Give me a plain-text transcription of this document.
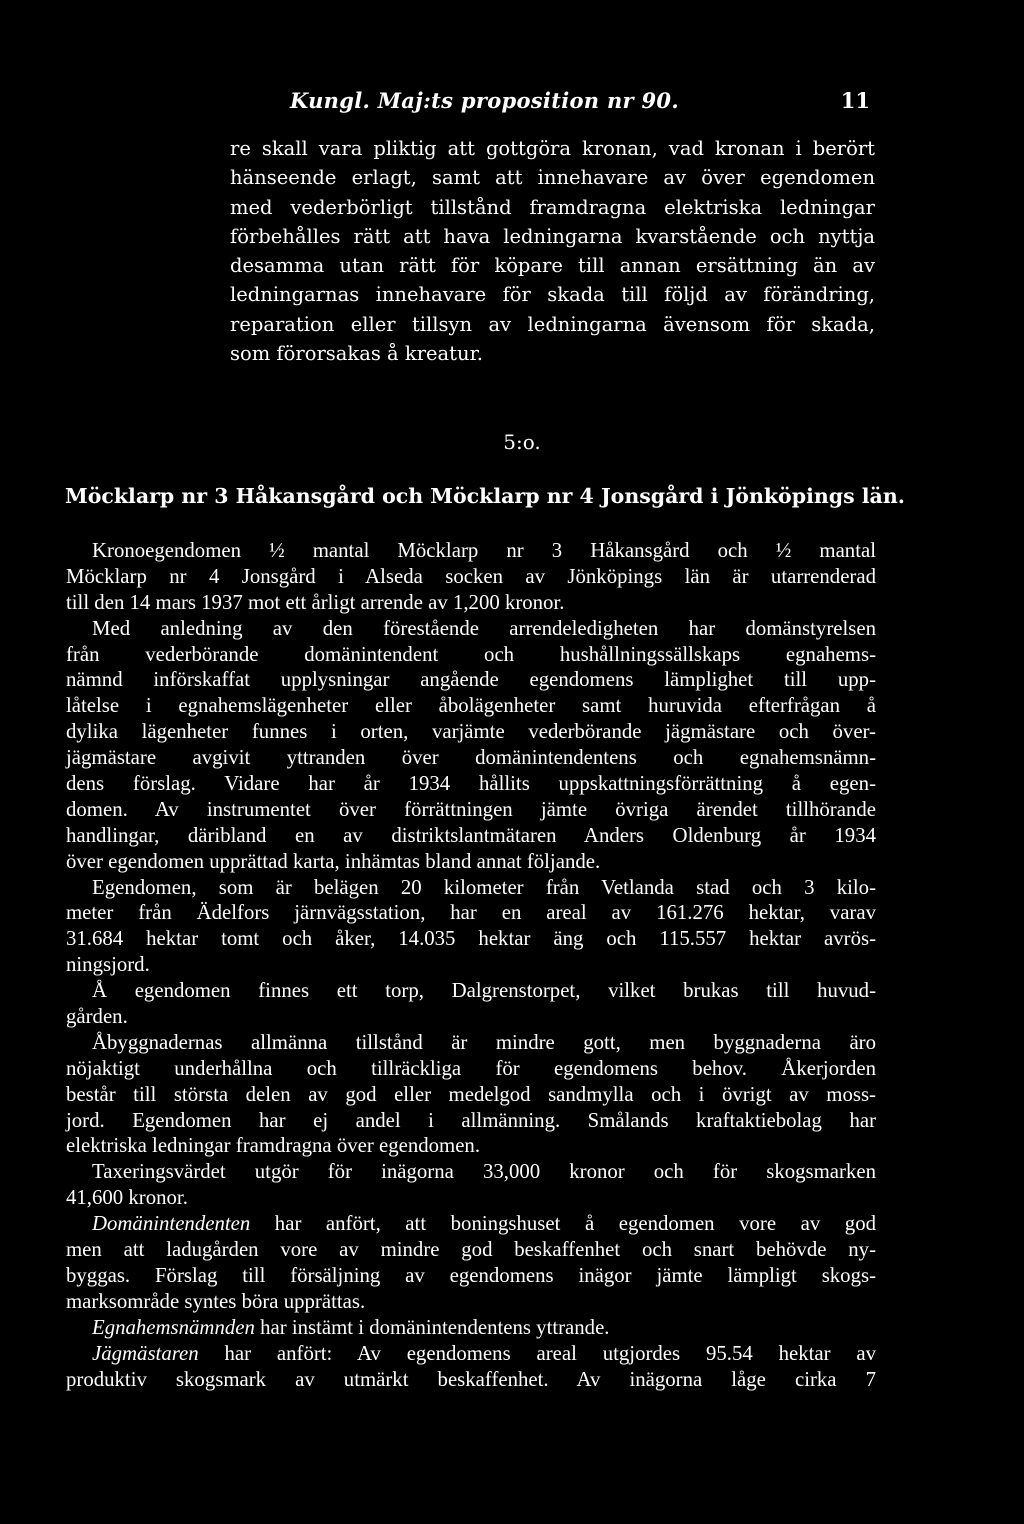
Kungl. Maj:ts proposition nr 90.	11
re skall vara pliktig att gottgöra kronan, vad kronan i berört
hänseende erlagt, samt att innehavare av över egendomen
med vederbörligt tillstånd framdragna elektriska ledningar
förbehålles rätt att hava ledningarna kvarstående och nyttja
desamma utan rätt för köpare till annan ersättning än av
ledningarnas innehavare för skada till följd av förändring,
reparation eller tillsyn av ledningarna ävensom för skada,
som förorsakas å kreatur.
5:o.
Möcklarp nr 3 Håkansgård och Möcklarp nr 4 Jonsgård i Jönköpings län.
Kronoegendomen ½ mantal Möcklarp nr 3 Håkansgård och ½ mantal
Möcklarp nr 4 Jonsgård i Alseda socken av Jönköpings län är utarrenderad
till den 14 mars 1937 mot ett årligt arrende av 1,200 kronor.
Med anledning av den förestående arrendeledigheten har domänstyrelsen
från vederbörande domänintendent och hushållningssällskaps egnahems-
nämnd införskaffat upplysningar angående egendomens lämplighet till upp-
låtelse i egnahemslägenheter eller åbolägenheter samt huruvida efterfrågan å
dylika lägenheter funnes i orten, varjämte vederbörande jägmästare och över-
jägmästare avgivit yttranden över domänintendentens och egnahemsnämn-
dens förslag. Vidare har år 1934 hållits uppskattningsförrättning å egen-
domen. Av instrumentet över förrättningen jämte övriga ärendet tillhörande
handlingar, däribland en av distriktslantmätaren Anders Oldenburg år 1934
över egendomen upprättad karta, inhämtas bland annat följande.
Egendomen, som är belägen 20 kilometer från Vetlanda stad och 3 kilo-
meter från Ädelfors järnvägsstation, har en areal av 161.276 hektar, varav
31.684 hektar tomt och åker, 14.035 hektar äng och 115.557 hektar avrös-
ningsjord.
Å egendomen finnes ett torp, Dalgrenstorpet, vilket brukas till huvud-
gården.
Åbyggnadernas allmänna tillstånd är mindre gott, men byggnaderna äro
nöjaktigt underhållna och tillräckliga för egendomens behov. Åkerjorden
består till största delen av god eller medelgod sandmylla och i övrigt av moss-
jord. Egendomen har ej andel i allmänning. Smålands kraftaktiebolag har
elektriska ledningar framdragna över egendomen.
Taxeringsvärdet utgör för inägorna 33,000 kronor och för skogsmarken
41,600 kronor.
Domänintendenten har anfört, att boningshuset å egendomen vore av god
men att ladugården vore av mindre god beskaffenhet och snart behövde ny-
byggas. Förslag till försäljning av egendomens inägor jämte lämpligt skogs-
marksområde syntes böra upprättas.
Egnahemsnämnden har instämt i domänintendentens yttrande.
Jägmästaren har anfört: Av egendomens areal utgjordes 95.54 hektar av
produktiv skogsmark av utmärkt beskaffenhet. Av inägorna låge cirka 7
